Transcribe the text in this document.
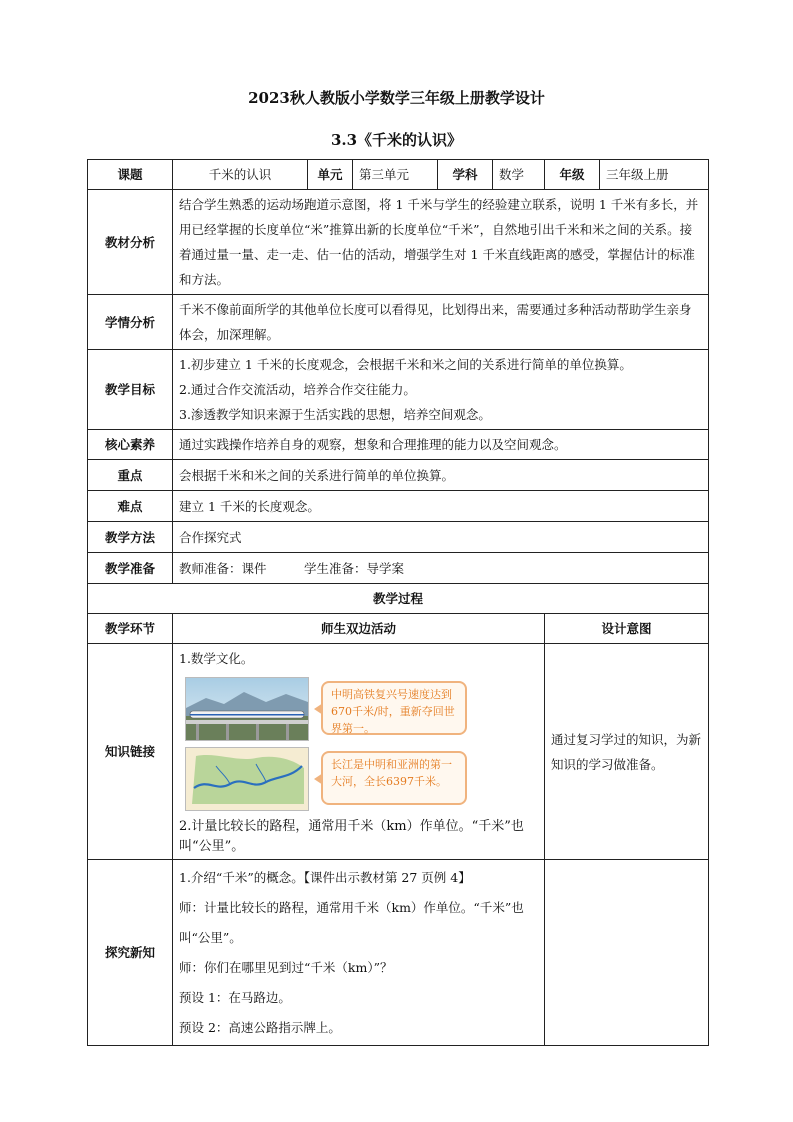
2023秋人教版小学数学三年级上册教学设计
3.3《千米的认识》
课题	千米的认识	单元	第三单元	学科	数学	年级	三年级上册
教材分析	结合学生熟悉的运动场跑道示意图，将 1 千米与学生的经验建立联系，说明 1 千米有多长，并用已经掌握的长度单位“米”推算出新的长度单位“千米”，自然地引出千米和米之间的关系。接着通过量一量、走一走、估一估的活动，增强学生对 1 千米直线距离的感受，掌握估计的标准和方法。						

学情分析	千米不像前面所学的其他单位长度可以看得见，比划得出来，需要通过多种活动帮助学生亲身体会，加深理解。						

教学目标	1.初步建立 1 千米的长度观念，会根据千米和米之间的关系进行简单的单位换算。

2.通过合作交流活动，培养合作交往能力。

3.渗透教学知识来源于生活实践的思想，培养空间观念。						

核心素养	通过实践操作培养自身的观察，想象和合理推理的能力以及空间观念。						
重点	会根据千米和米之间的关系进行简单的单位换算。						
难点	建立 1 千米的长度观念。						
教学方法	合作探究式						
教学准备	教师准备：课件　　　学生准备：导学案						
教学过程							
教学环节	师生双边活动					设计意图	
知识链接	1.数学文化。

中明高铁复兴号速度达到670千米/时，重新夺回世界第一。
长江是中明和亚洲的第一大河，全长6397千米。

2.计量比较长的路程，通常用千米（km）作单位。“千米”也叫“公里”。					通过复习学过的知识，为新知识的学习做准备。	
探究新知	1.介绍“千米”的概念。【课件出示教材第 27 页例 4】

师：计量比较长的路程，通常用千米（km）作单位。“千米”也叫“公里”。

师：你们在哪里见到过“千米（km）”？

预设 1：在马路边。

预设 2：高速公路指示牌上。						
